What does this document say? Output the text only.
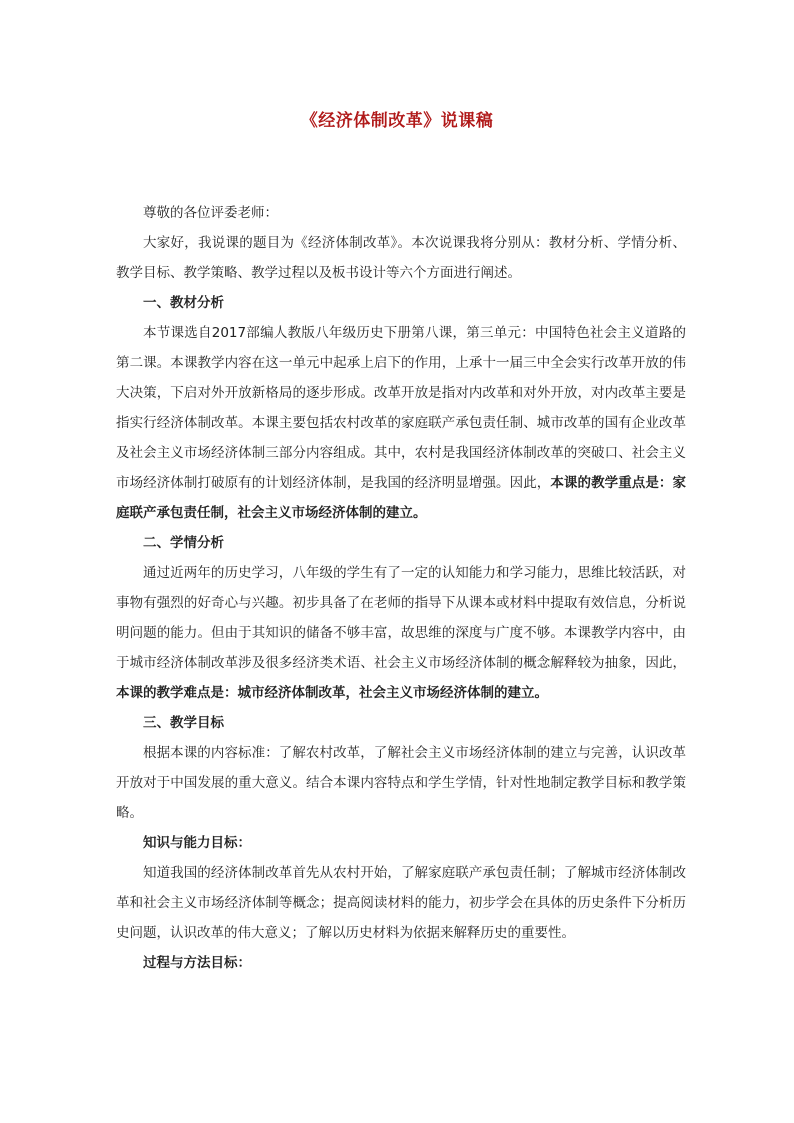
《经济体制改革》说课稿

尊敬的各位评委老师：

大家好，我说课的题目为《经济体制改革》。本次说课我将分别从：教材分析、学情分析、教学目标、教学策略、教学过程以及板书设计等六个方面进行阐述。

一、教材分析

本节课选自2017部编人教版八年级历史下册第八课，第三单元：中国特色社会主义道路的第二课。本课教学内容在这一单元中起承上启下的作用，上承十一届三中全会实行改革开放的伟大决策，下启对外开放新格局的逐步形成。改革开放是指对内改革和对外开放，对内改革主要是指实行经济体制改革。本课主要包括农村改革的家庭联产承包责任制、城市改革的国有企业改革及社会主义市场经济体制三部分内容组成。其中，农村是我国经济体制改革的突破口、社会主义市场经济体制打破原有的计划经济体制，是我国的经济明显增强。因此，本课的教学重点是：家庭联产承包责任制，社会主义市场经济体制的建立。

二、学情分析

通过近两年的历史学习，八年级的学生有了一定的认知能力和学习能力，思维比较活跃，对事物有强烈的好奇心与兴趣。初步具备了在老师的指导下从课本或材料中提取有效信息，分析说明问题的能力。但由于其知识的储备不够丰富，故思维的深度与广度不够。本课教学内容中，由于城市经济体制改革涉及很多经济类术语、社会主义市场经济体制的概念解释较为抽象，因此，本课的教学难点是：城市经济体制改革，社会主义市场经济体制的建立。

三、教学目标

根据本课的内容标准：了解农村改革，了解社会主义市场经济体制的建立与完善，认识改革开放对于中国发展的重大意义。结合本课内容特点和学生学情，针对性地制定教学目标和教学策略。

知识与能力目标：

知道我国的经济体制改革首先从农村开始，了解家庭联产承包责任制；了解城市经济体制改革和社会主义市场经济体制等概念；提高阅读材料的能力，初步学会在具体的历史条件下分析历史问题，认识改革的伟大意义；了解以历史材料为依据来解释历史的重要性。

过程与方法目标：
